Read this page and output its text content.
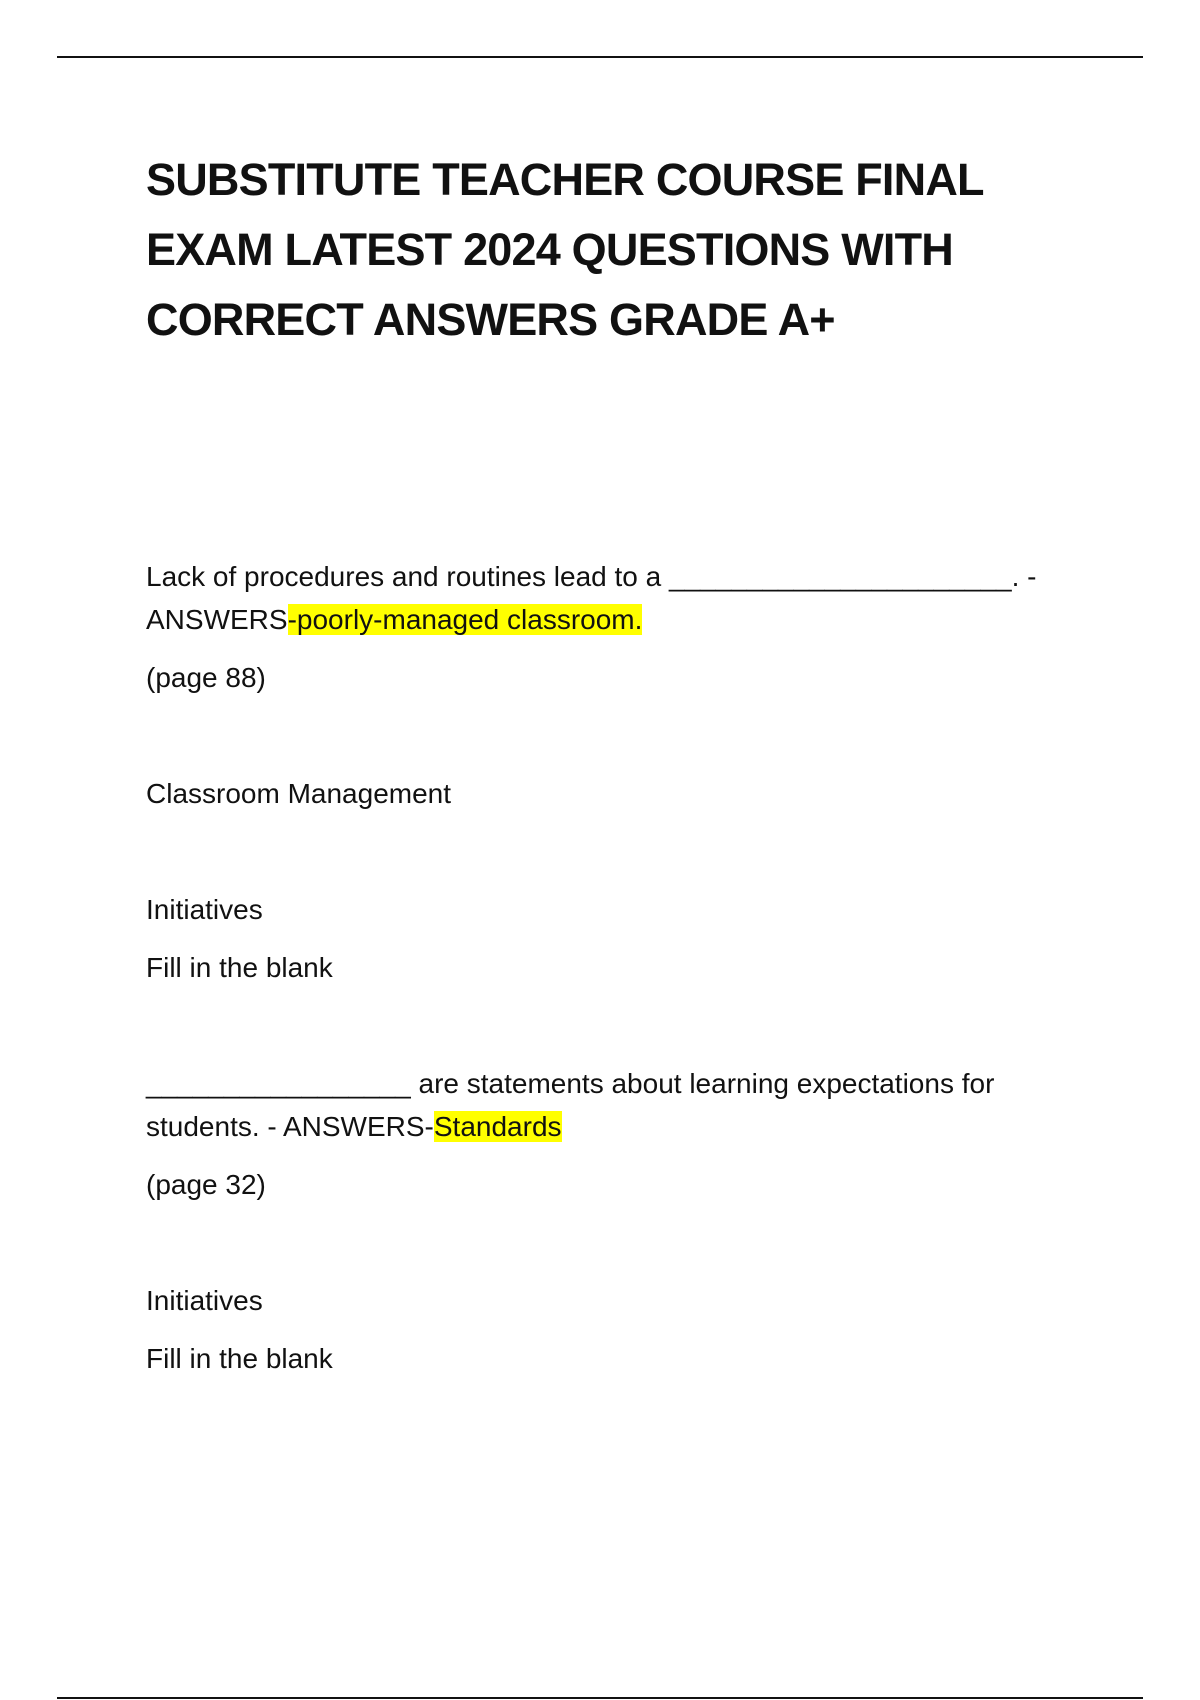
SUBSTITUTE TEACHER COURSE FINAL EXAM LATEST 2024 QUESTIONS WITH CORRECT ANSWERS GRADE A+

Lack of procedures and routines lead to a ______________________. - ANSWERS-poorly-managed classroom.

(page 88)

Classroom Management

Initiatives

Fill in the blank

_________________ are statements about learning expectations for students. - ANSWERS-Standards

(page 32)

Initiatives

Fill in the blank
